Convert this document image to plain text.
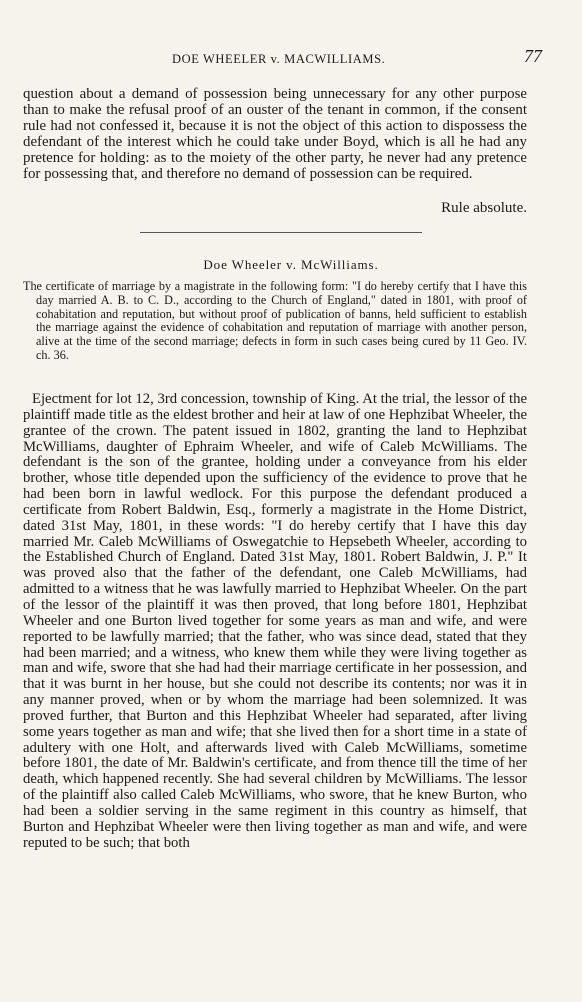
DOE WHEELER v. MACWILLIAMS.	77

question about a demand of possession being unnecessary for any other purpose than to make the refusal proof of an ouster of the tenant in common, if the consent rule had not confessed it, because it is not the object of this action to dispossess the defendant of the interest which he could take under Boyd, which is all he had any pretence for holding: as to the moiety of the other party, he never had any pretence for possessing that, and therefore no demand of possession can be required.

Rule absolute.
Doe Wheeler v. McWilliams.

The certificate of marriage by a magistrate in the following form: "I do hereby certify that I have this day married A. B. to C. D., according to the Church of England," dated in 1801, with proof of cohabitation and reputation, but without proof of publication of banns, held sufficient to establish the marriage against the evidence of cohabitation and reputation of marriage with another person, alive at the time of the second marriage; defects in form in such cases being cured by 11 Geo. IV. ch. 36.

Ejectment for lot 12, 3rd concession, township of King. At the trial, the lessor of the plaintiff made title as the eldest brother and heir at law of one Hephzibat Wheeler, the grantee of the crown. The patent issued in 1802, granting the land to Hephzibat McWilliams, daughter of Ephraim Wheeler, and wife of Caleb McWilliams. The defendant is the son of the grantee, holding under a conveyance from his elder brother, whose title depended upon the sufficiency of the evidence to prove that he had been born in lawful wedlock. For this purpose the defendant produced a certificate from Robert Baldwin, Esq., formerly a magistrate in the Home District, dated 31st May, 1801, in these words: "I do hereby certify that I have this day married Mr. Caleb McWilliams of Oswegatchie to Hepsebeth Wheeler, according to the Established Church of England. Dated 31st May, 1801. Robert Baldwin, J. P." It was proved also that the father of the defendant, one Caleb McWilliams, had admitted to a witness that he was lawfully married to Hephzibat Wheeler. On the part of the lessor of the plaintiff it was then proved, that long before 1801, Hephzibat Wheeler and one Burton lived together for some years as man and wife, and were reported to be lawfully married; that the father, who was since dead, stated that they had been married; and a witness, who knew them while they were living together as man and wife, swore that she had had their marriage certificate in her possession, and that it was burnt in her house, but she could not describe its contents; nor was it in any manner proved, when or by whom the marriage had been solemnized. It was proved further, that Burton and this Hephzibat Wheeler had separated, after living some years together as man and wife; that she lived then for a short time in a state of adultery with one Holt, and afterwards lived with Caleb McWilliams, sometime before 1801, the date of Mr. Baldwin's certificate, and from thence till the time of her death, which happened recently. She had several children by McWilliams. The lessor of the plaintiff also called Caleb McWilliams, who swore, that he knew Burton, who had been a soldier serving in the same regiment in this country as himself, that Burton and Hephzibat Wheeler were then living together as man and wife, and were reputed to be such; that both
